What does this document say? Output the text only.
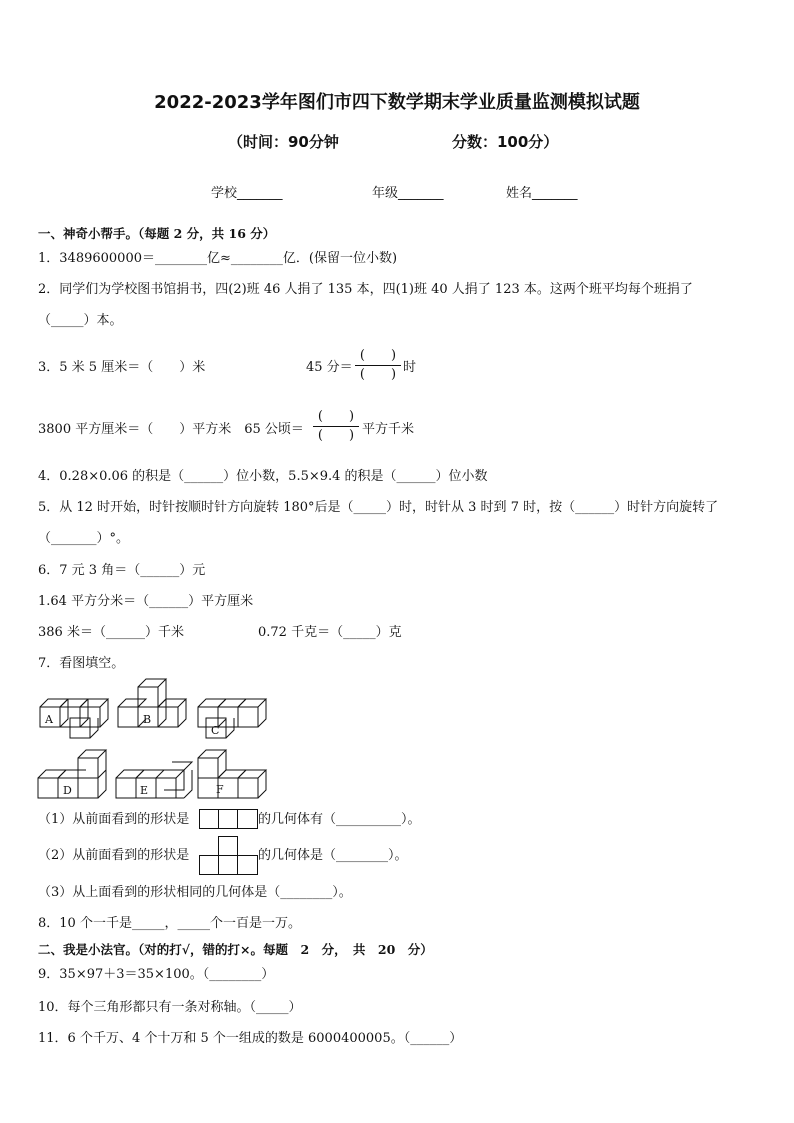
2022-2023学年图们市四下数学期末学业质量监测模拟试题
（时间：90分钟	分数：100分）
学校_______	年级_______	姓名_______
一、神奇小帮手。（每题 2 分，共 16 分）
1．3489600000＝________亿≈________亿．(保留一位小数)
2．同学们为学校图书馆捐书，四(2)班 46 人捐了 135 本，四(1)班 40 人捐了 123 本。这两个班平均每个班捐了
（_____）本。
3．5 米 5 厘米＝（　　）米	45 分＝
(　　)
(　　) 时
3800 平方厘米＝（　　）平方米　65 公顷＝
(　　)
(　　) 平方千米
4．0.28×0.06 的积是（______）位小数，5.5×9.4 的积是（______）位小数
5．从 12 时开始，时针按顺时针方向旋转 180°后是（_____）时，时针从 3 时到 7 时，按（______）时针方向旋转了
（_______）°。
6．7 元 3 角＝（______）元
1.64 平方分米＝（______）平方厘米
386 米＝（______）千米	0.72 千克＝（_____）克
7．看图填空。
A	B
C
D	E	F
（1）从前面看到的形状是	的几何体有（__________）。
（2）从前面看到的形状是	的几何体是（________）。
（3）从上面看到的形状相同的几何体是（________）。
8．10 个一千是_____，_____个一百是一万。
二、我是小法官。（对的打√，错的打×。每题　2　分，　共　20　分）
9．35×97＋3＝35×100。（________）
10．每个三角形都只有一条对称轴。（_____）
11．6 个千万、4 个十万和 5 个一组成的数是 6000400005。（______）
